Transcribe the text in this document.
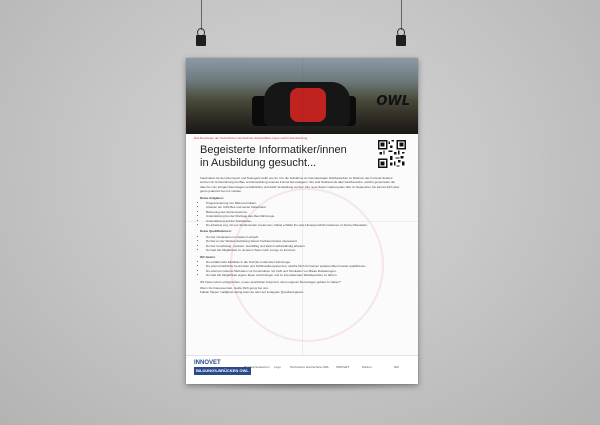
OWL
Das Rennteam der Technischen Hochschule Ostwestfalen-Lippe sucht Unterstützung.
Begeisterte Informatiker/innen
in Ausbildung gesucht...

Faszination für den Rennsport und Teamgeist treibt uns an. Für die Teilnahme an internationalen Wettbewerben im Rahmen der Formula Student suchen wir Unterstützung bei Bau und Entwicklung unseres Formel-Rennwagens. Wir sind Studierende aller Fachbereiche, welche gemeinsam die Idee bis zum fertigen Rennwagen verwirklichen und dafür Verstärkung suchen. Die neue Saison startet jedes Jahr im September, Du kannst Dich aber gerne jederzeit bei uns melden.

Deine Aufgaben:
• Programmierung von Mikrocontrollern.
• Arbeiten am CAN-Bus und seiner Datenbank.
• Betreuung des Sensorsystems.
• Unterstützung bei der Montage des Rennfahrzeugs.
• Unterstützung auf der Teststrecke.
• Du arbeitest eng mit uns Studierenden zusammen. Dabei erhältst Du viele Hintergrundinformationen zu Deinen Bauteilen.
Deine Qualifikationen:
• Du bist mindestens im zweiten Lehrjahr.
• Du bist an der Weiterentwicklung Deiner Fachkenntnisse interessiert.
• Du bist zuverlässig, motiviert, teamfähig und kannst selbstständig arbeiten.
• Du hast die Möglichkeit zu unserem Team nach Lemgo zu kommen.
Wir bieten:
• Du erhältst tiefe Einblicke in die Technik modernster Fahrzeuge.
• Du erlernst fachliche Kenntnisse und Schlüsselkompetenzen, welche Dich für Deinen späteren Beruf weiter qualifizieren.
• Du erlernst moderne Methoden zur Konstruktion mit CAD und Simulation von Baute ilbelastungen.
• Du hast die Möglichkeit eigene Ideen einzubringen und zu internationaler Wettbewerben zu fahren.

Wir bieten einen erfolgreichen, neuen sportlichen Anspruch, einen eigenen Rennwagen gebaut zu haben?

Wenn Du Interesse hast, melde Dich gerne bei uns:

Fabian Tapper mail@owl-racing-team.de oder auf Instagram @owlracingteam.

INNOVET
BILDUNGS-BRÜCKEN OWL
Bundesministerium Logo	Technische Hochschule OWL INNOVET	Partner	bbb
